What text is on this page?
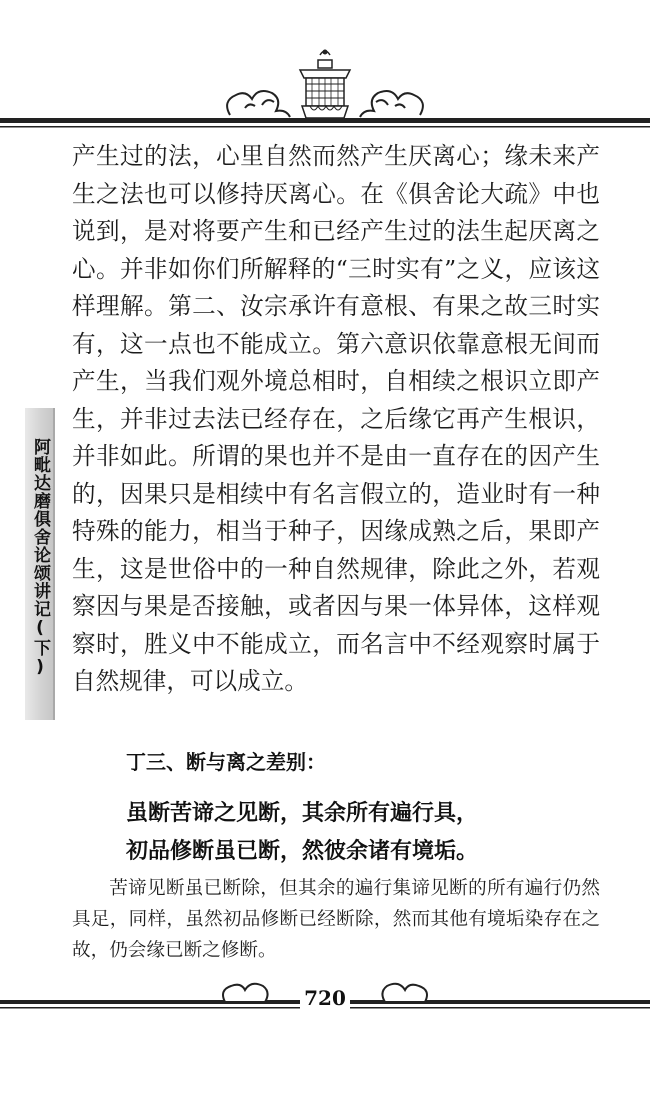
阿毗达磨俱舍论颂讲记(下)

产生过的法，心里自然而然产生厌离心；缘未来产生之法也可以修持厌离心。在《俱舍论大疏》中也说到，是对将要产生和已经产生过的法生起厌离之心。并非如你们所解释的“三时实有”之义，应该这样理解。第二、汝宗承许有意根、有果之故三时实有，这一点也不能成立。第六意识依靠意根无间而产生，当我们观外境总相时，自相续之根识立即产生，并非过去法已经存在，之后缘它再产生根识，并非如此。所谓的果也并不是由一直存在的因产生的，因果只是相续中有名言假立的，造业时有一种特殊的能力，相当于种子，因缘成熟之后，果即产生，这是世俗中的一种自然规律，除此之外，若观察因与果是否接触，或者因与果一体异体，这样观察时，胜义中不能成立，而名言中不经观察时属于自然规律，可以成立。

丁三、断与离之差别：
虽断苦谛之见断，其余所有遍行具，
初品修断虽已断，然彼余诸有境垢。

苦谛见断虽已断除，但其余的遍行集谛见断的所有遍行仍然具足，同样，虽然初品修断已经断除，然而其他有境垢染存在之故，仍会缘已断之修断。

720
